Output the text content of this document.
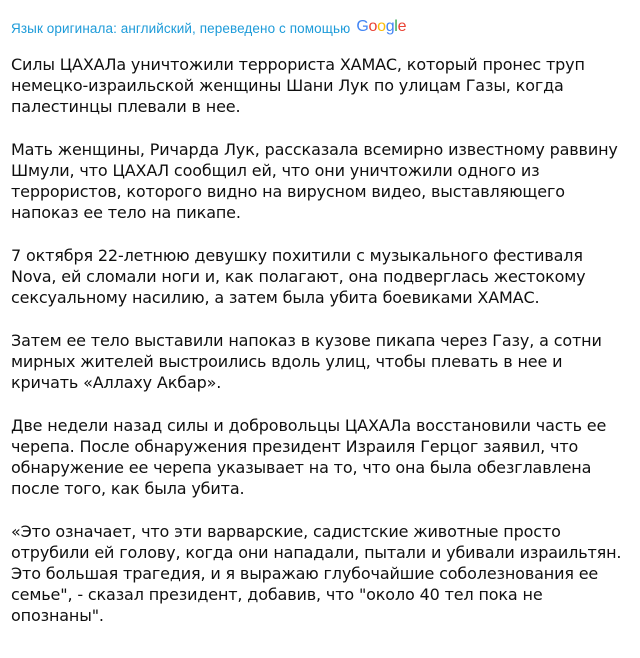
Язык оригинала: английский, переведено с помощью Google

Силы ЦАХАЛа уничтожили террориста ХАМАС, который пронес труп
немецко-израильской женщины Шани Лук по улицам Газы, когда
палестинцы плевали в нее.

Мать женщины, Ричарда Лук, рассказала всемирно известному раввину
Шмули, что ЦАХАЛ сообщил ей, что они уничтожили одного из
террористов, которого видно на вирусном видео, выставляющего
напоказ ее тело на пикапе.

7 октября 22-летнюю девушку похитили с музыкального фестиваля
Nova, ей сломали ноги и, как полагают, она подверглась жестокому
сексуальному насилию, а затем была убита боевиками ХАМАС.

Затем ее тело выставили напоказ в кузове пикапа через Газу, а сотни
мирных жителей выстроились вдоль улиц, чтобы плевать в нее и
кричать «Аллаху Акбар».

Две недели назад силы и добровольцы ЦАХАЛа восстановили часть ее
черепа. После обнаружения президент Израиля Герцог заявил, что
обнаружение ее черепа указывает на то, что она была обезглавлена
после того, как была убита.

«Это означает, что эти варварские, садистские животные просто
отрубили ей голову, когда они нападали, пытали и убивали израильтян.
Это большая трагедия, и я выражаю глубочайшие соболезнования ее
семье", - сказал президент, добавив, что "около 40 тел пока не
опознаны".
